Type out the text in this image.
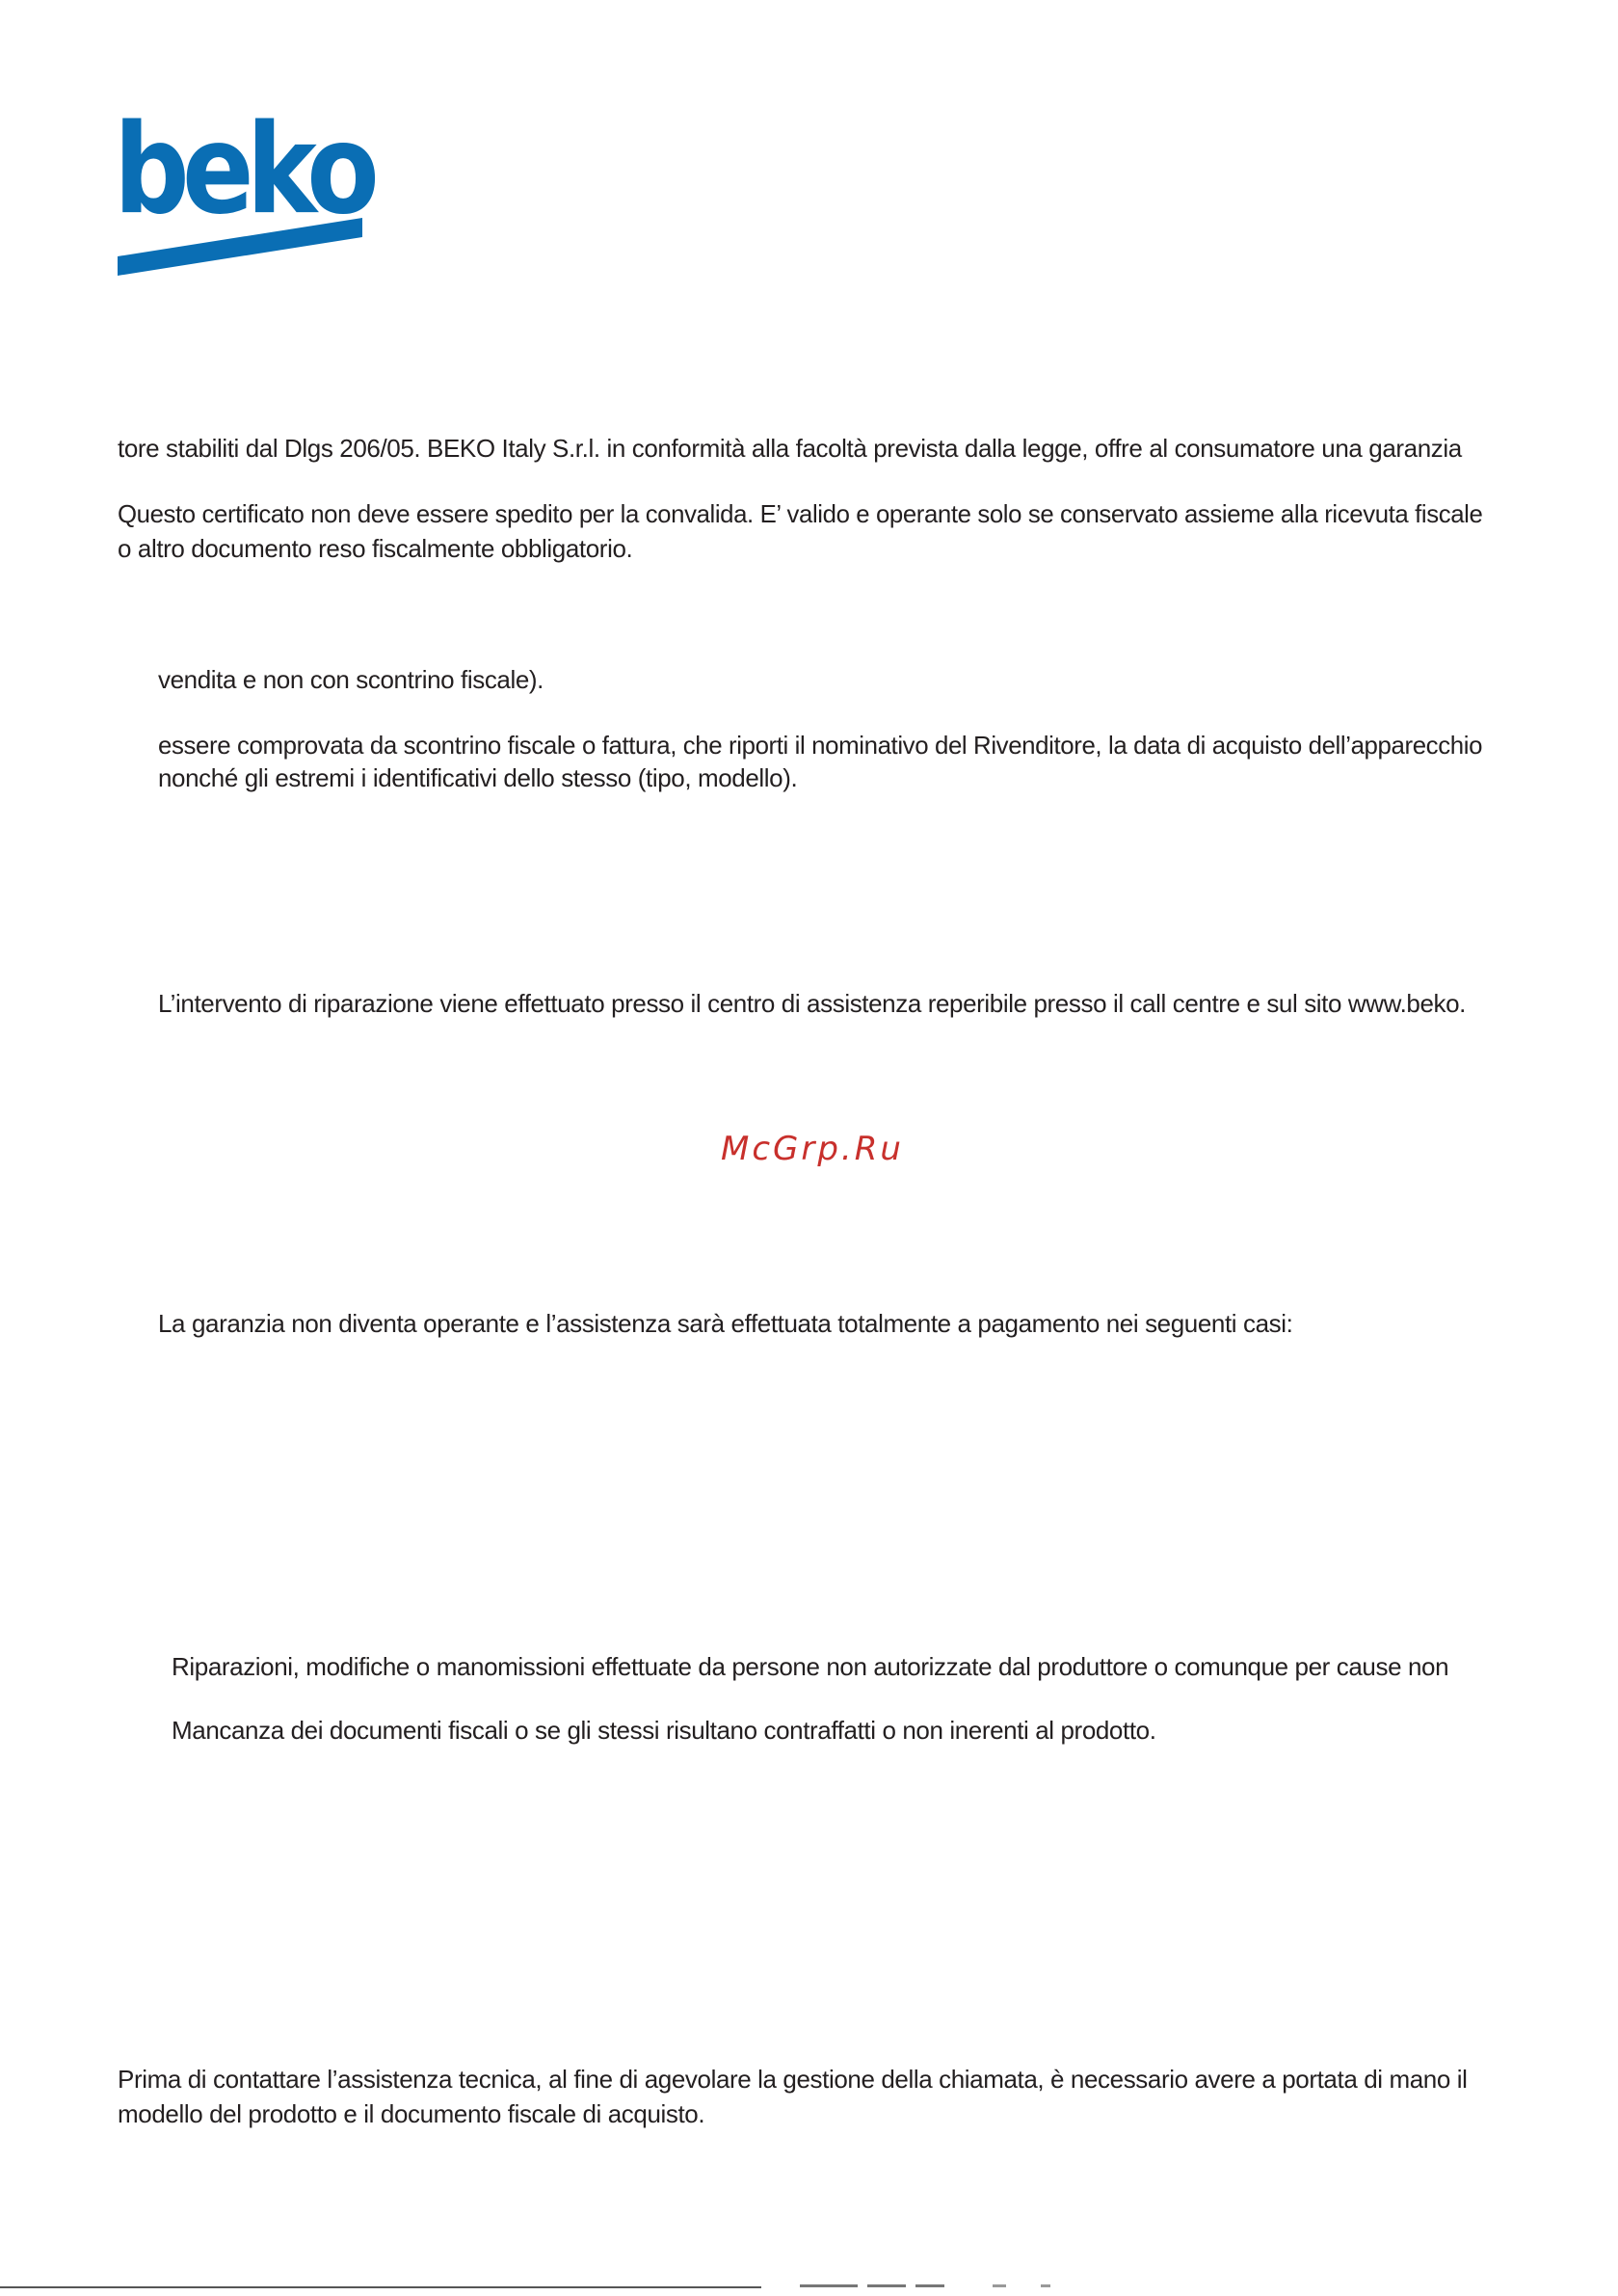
beko
tore stabiliti dal Dlgs 206/05. BEKO Italy S.r.l. in conformità alla facoltà prevista dalla legge, offre al consumatore una garanzia
Questo certificato non deve essere spedito per la convalida. E’ valido e operante solo se conservato assieme alla ricevuta fiscale
o altro documento reso fiscalmente obbligatorio.
vendita e non con scontrino fiscale).
essere comprovata da scontrino fiscale o fattura, che riporti il nominativo del Rivenditore, la data di acquisto dell’apparecchio
nonché gli estremi i identificativi dello stesso (tipo, modello).
L’intervento di riparazione viene effettuato presso il centro di assistenza reperibile presso il call centre e sul sito www.beko.
McGrp.Ru
La garanzia non diventa operante e l’assistenza sarà effettuata totalmente a pagamento nei seguenti casi:
Riparazioni, modifiche o manomissioni effettuate da persone non autorizzate dal produttore o comunque per cause non
Mancanza dei documenti fiscali o se gli stessi risultano contraffatti o non inerenti al prodotto.
Prima di contattare l’assistenza tecnica, al fine di agevolare la gestione della chiamata, è necessario avere a portata di mano il
modello del prodotto e il documento fiscale di acquisto.
